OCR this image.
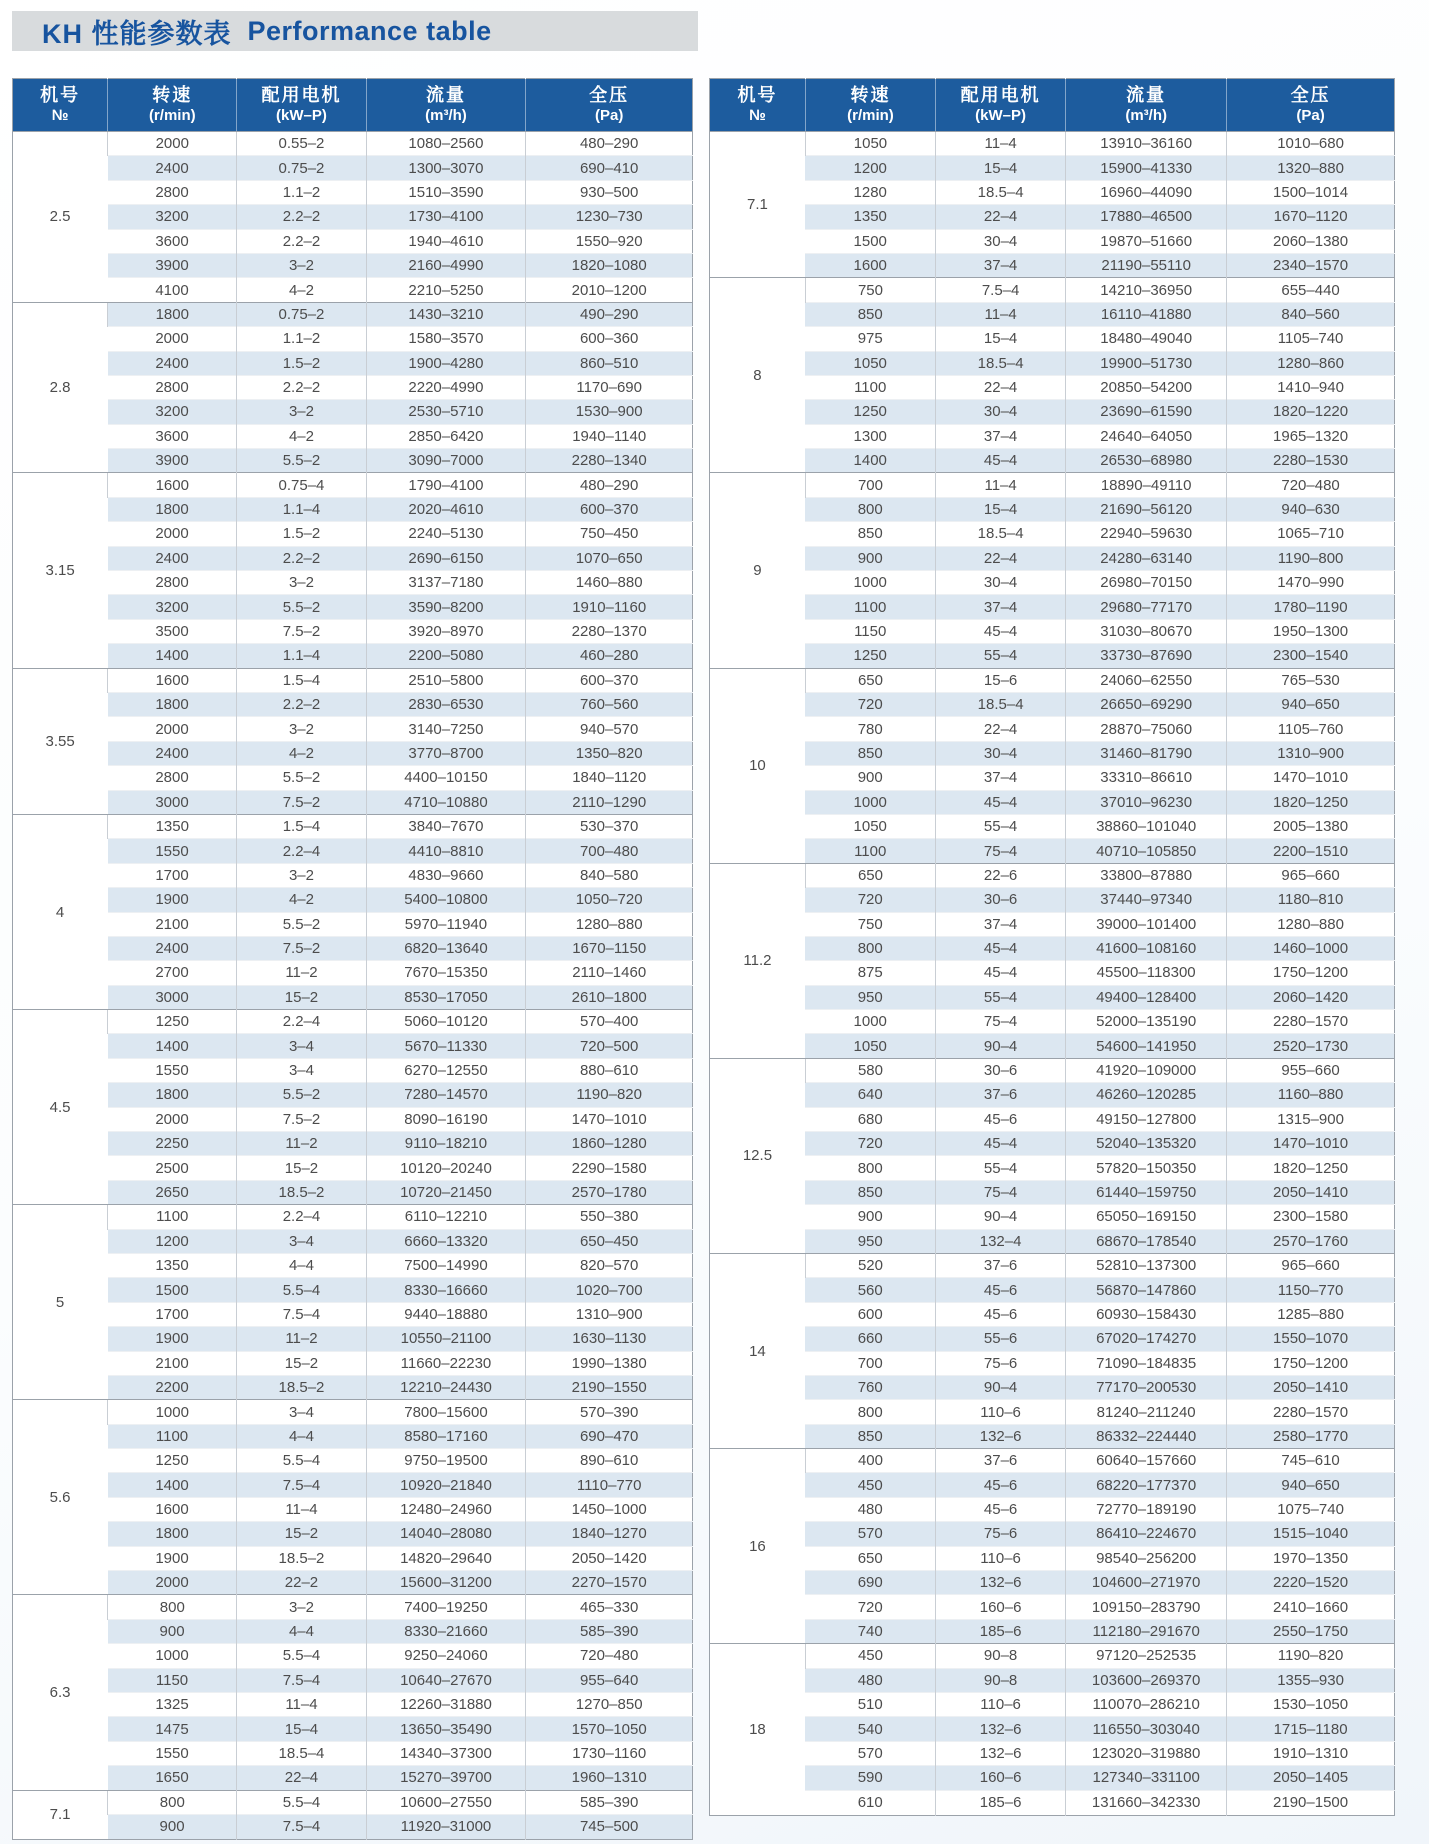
KH 性能参数表 Performance table
机号
№

转速
(r/min)

配用电机
(kW–P)

流量
(m³/h)

全压
(Pa)

2.5	2000	0.55–2	1080–2560	480–290
	2400	0.75–2	1300–3070	690–410
	2800	1.1–2	1510–3590	930–500
	3200	2.2–2	1730–4100	1230–730
	3600	2.2–2	1940–4610	1550–920
	3900	3–2	2160–4990	1820–1080
	4100	4–2	2210–5250	2010–1200
2.8	1800	0.75–2	1430–3210	490–290
	2000	1.1–2	1580–3570	600–360
	2400	1.5–2	1900–4280	860–510
	2800	2.2–2	2220–4990	1170–690
	3200	3–2	2530–5710	1530–900
	3600	4–2	2850–6420	1940–1140
	3900	5.5–2	3090–7000	2280–1340
3.15	1600	0.75–4	1790–4100	480–290
	1800	1.1–4	2020–4610	600–370
	2000	1.5–2	2240–5130	750–450
	2400	2.2–2	2690–6150	1070–650
	2800	3–2	3137–7180	1460–880
	3200	5.5–2	3590–8200	1910–1160
	3500	7.5–2	3920–8970	2280–1370
	1400	1.1–4	2200–5080	460–280
3.55	1600	1.5–4	2510–5800	600–370
	1800	2.2–2	2830–6530	760–560
	2000	3–2	3140–7250	940–570
	2400	4–2	3770–8700	1350–820
	2800	5.5–2	4400–10150	1840–1120
	3000	7.5–2	4710–10880	2110–1290
4	1350	1.5–4	3840–7670	530–370
	1550	2.2–4	4410–8810	700–480
	1700	3–2	4830–9660	840–580
	1900	4–2	5400–10800	1050–720
	2100	5.5–2	5970–11940	1280–880
	2400	7.5–2	6820–13640	1670–1150
	2700	11–2	7670–15350	2110–1460
	3000	15–2	8530–17050	2610–1800
4.5	1250	2.2–4	5060–10120	570–400
	1400	3–4	5670–11330	720–500
	1550	3–4	6270–12550	880–610
	1800	5.5–2	7280–14570	1190–820
	2000	7.5–2	8090–16190	1470–1010
	2250	11–2	9110–18210	1860–1280
	2500	15–2	10120–20240	2290–1580
	2650	18.5–2	10720–21450	2570–1780
5	1100	2.2–4	6110–12210	550–380
	1200	3–4	6660–13320	650–450
	1350	4–4	7500–14990	820–570
	1500	5.5–4	8330–16660	1020–700
	1700	7.5–4	9440–18880	1310–900
	1900	11–2	10550–21100	1630–1130
	2100	15–2	11660–22230	1990–1380
	2200	18.5–2	12210–24430	2190–1550
5.6	1000	3–4	7800–15600	570–390
	1100	4–4	8580–17160	690–470
	1250	5.5–4	9750–19500	890–610
	1400	7.5–4	10920–21840	1110–770
	1600	11–4	12480–24960	1450–1000
	1800	15–2	14040–28080	1840–1270
	1900	18.5–2	14820–29640	2050–1420
	2000	22–2	15600–31200	2270–1570
6.3	800	3–2	7400–19250	465–330
	900	4–4	8330–21660	585–390
	1000	5.5–4	9250–24060	720–480
	1150	7.5–4	10640–27670	955–640
	1325	11–4	12260–31880	1270–850
	1475	15–4	13650–35490	1570–1050
	1550	18.5–4	14340–37300	1730–1160
	1650	22–4	15270–39700	1960–1310
7.1	800	5.5–4	10600–27550	585–390
	900	7.5–4	11920–31000	745–500
机号
№

转速
(r/min)

配用电机
(kW–P)

流量
(m³/h)

全压
(Pa)

7.1	1050	11–4	13910–36160	1010–680
	1200	15–4	15900–41330	1320–880
	1280	18.5–4	16960–44090	1500–1014
	1350	22–4	17880–46500	1670–1120
	1500	30–4	19870–51660	2060–1380
	1600	37–4	21190–55110	2340–1570
8	750	7.5–4	14210–36950	655–440
	850	11–4	16110–41880	840–560
	975	15–4	18480–49040	1105–740
	1050	18.5–4	19900–51730	1280–860
	1100	22–4	20850–54200	1410–940
	1250	30–4	23690–61590	1820–1220
	1300	37–4	24640–64050	1965–1320
	1400	45–4	26530–68980	2280–1530
9	700	11–4	18890–49110	720–480
	800	15–4	21690–56120	940–630
	850	18.5–4	22940–59630	1065–710
	900	22–4	24280–63140	1190–800
	1000	30–4	26980–70150	1470–990
	1100	37–4	29680–77170	1780–1190
	1150	45–4	31030–80670	1950–1300
	1250	55–4	33730–87690	2300–1540
10	650	15–6	24060–62550	765–530
	720	18.5–4	26650–69290	940–650
	780	22–4	28870–75060	1105–760
	850	30–4	31460–81790	1310–900
	900	37–4	33310–86610	1470–1010
	1000	45–4	37010–96230	1820–1250
	1050	55–4	38860–101040	2005–1380
	1100	75–4	40710–105850	2200–1510
11.2	650	22–6	33800–87880	965–660
	720	30–6	37440–97340	1180–810
	750	37–4	39000–101400	1280–880
	800	45–4	41600–108160	1460–1000
	875	45–4	45500–118300	1750–1200
	950	55–4	49400–128400	2060–1420
	1000	75–4	52000–135190	2280–1570
	1050	90–4	54600–141950	2520–1730
12.5	580	30–6	41920–109000	955–660
	640	37–6	46260–120285	1160–880
	680	45–6	49150–127800	1315–900
	720	45–4	52040–135320	1470–1010
	800	55–4	57820–150350	1820–1250
	850	75–4	61440–159750	2050–1410
	900	90–4	65050–169150	2300–1580
	950	132–4	68670–178540	2570–1760
14	520	37–6	52810–137300	965–660
	560	45–6	56870–147860	1150–770
	600	45–6	60930–158430	1285–880
	660	55–6	67020–174270	1550–1070
	700	75–6	71090–184835	1750–1200
	760	90–4	77170–200530	2050–1410
	800	110–6	81240–211240	2280–1570
	850	132–6	86332–224440	2580–1770
16	400	37–6	60640–157660	745–610
	450	45–6	68220–177370	940–650
	480	45–6	72770–189190	1075–740
	570	75–6	86410–224670	1515–1040
	650	110–6	98540–256200	1970–1350
	690	132–6	104600–271970	2220–1520
	720	160–6	109150–283790	2410–1660
	740	185–6	112180–291670	2550–1750
18	450	90–8	97120–252535	1190–820
	480	90–8	103600–269370	1355–930
	510	110–6	110070–286210	1530–1050
	540	132–6	116550–303040	1715–1180
	570	132–6	123020–319880	1910–1310
	590	160–6	127340–331100	2050–1405
	610	185–6	131660–342330	2190–1500
